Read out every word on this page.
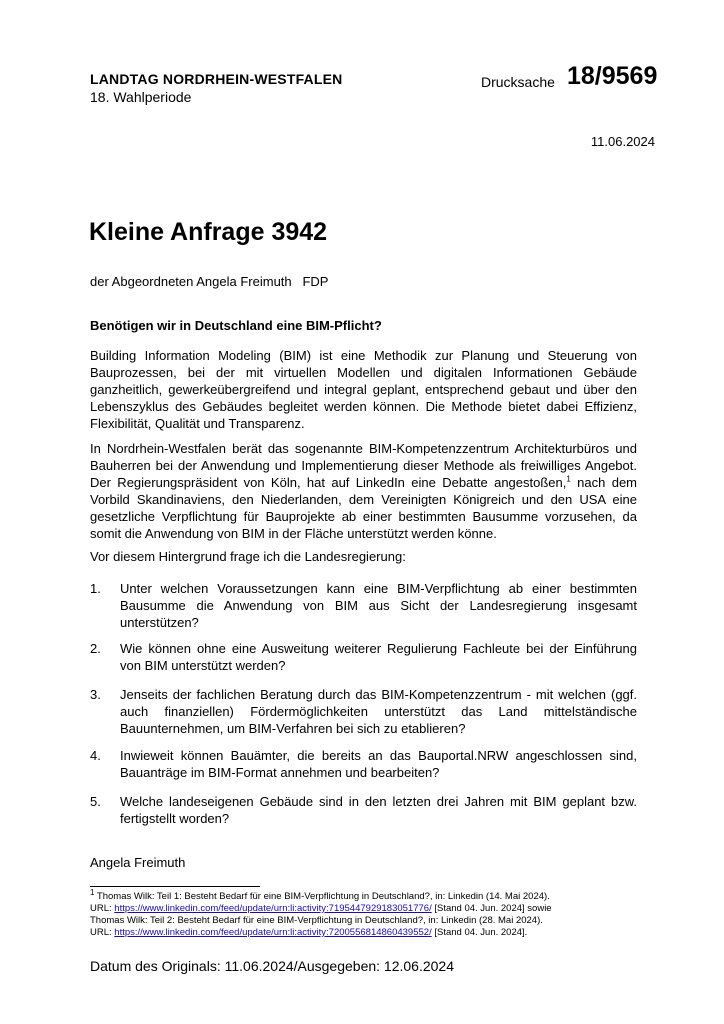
LANDTAG NORDRHEIN-WESTFALEN
18. Wahlperiode
Drucksache 18/9569
11.06.2024
Kleine Anfrage 3942
der Abgeordneten Angela Freimuth   FDP
Benötigen wir in Deutschland eine BIM-Pflicht?
Building Information Modeling (BIM) ist eine Methodik zur Planung und Steuerung von Bauprozessen, bei der mit virtuellen Modellen und digitalen Informationen Gebäude ganzheitlich, gewerkeübergreifend und integral geplant, entsprechend gebaut und über den Lebenszyklus des Gebäudes begleitet werden können. Die Methode bietet dabei Effizienz, Flexibilität, Qualität und Transparenz.
In Nordrhein-Westfalen berät das sogenannte BIM-Kompetenzzentrum Architekturbüros und Bauherren bei der Anwendung und Implementierung dieser Methode als freiwilliges Angebot. Der Regierungspräsident von Köln, hat auf LinkedIn eine Debatte angestoßen,$^1$ nach dem Vorbild Skandinaviens, den Niederlanden, dem Vereinigten Königreich und den USA eine gesetzliche Verpflichtung für Bauprojekte ab einer bestimmten Bausumme vorzusehen, da somit die Anwendung von BIM in der Fläche unterstützt werden könne.
Vor diesem Hintergrund frage ich die Landesregierung:
1. Unter welchen Voraussetzungen kann eine BIM-Verpflichtung ab einer bestimmten Bausumme die Anwendung von BIM aus Sicht der Landesregierung insgesamt unterstützen?
2. Wie können ohne eine Ausweitung weiterer Regulierung Fachleute bei der Einführung von BIM unterstützt werden?
3. Jenseits der fachlichen Beratung durch das BIM-Kompetenzzentrum - mit welchen (ggf. auch finanziellen) Fördermöglichkeiten unterstützt das Land mittelständische Bauunternehmen, um BIM-Verfahren bei sich zu etablieren?
4. Inwieweit können Bauämter, die bereits an das Bauportal.NRW angeschlossen sind, Bauanträge im BIM-Format annehmen und bearbeiten?
5. Welche landeseigenen Gebäude sind in den letzten drei Jahren mit BIM geplant bzw. fertigstellt worden?
Angela Freimuth
$^1$ Thomas Wilk: Teil 1: Besteht Bedarf für eine BIM-Verpflichtung in Deutschland?, in: Linkedin (14. Mai 2024).
URL: https://www.linkedin.com/feed/update/urn:li:activity:7195447929183051776/ [Stand 04. Jun. 2024] sowie
Thomas Wilk: Teil 2: Besteht Bedarf für eine BIM-Verpflichtung in Deutschland?, in: Linkedin (28. Mai 2024).
URL: https://www.linkedin.com/feed/update/urn:li:activity:7200556814860439552/ [Stand 04. Jun. 2024].
Datum des Originals: 11.06.2024/Ausgegeben: 12.06.2024
